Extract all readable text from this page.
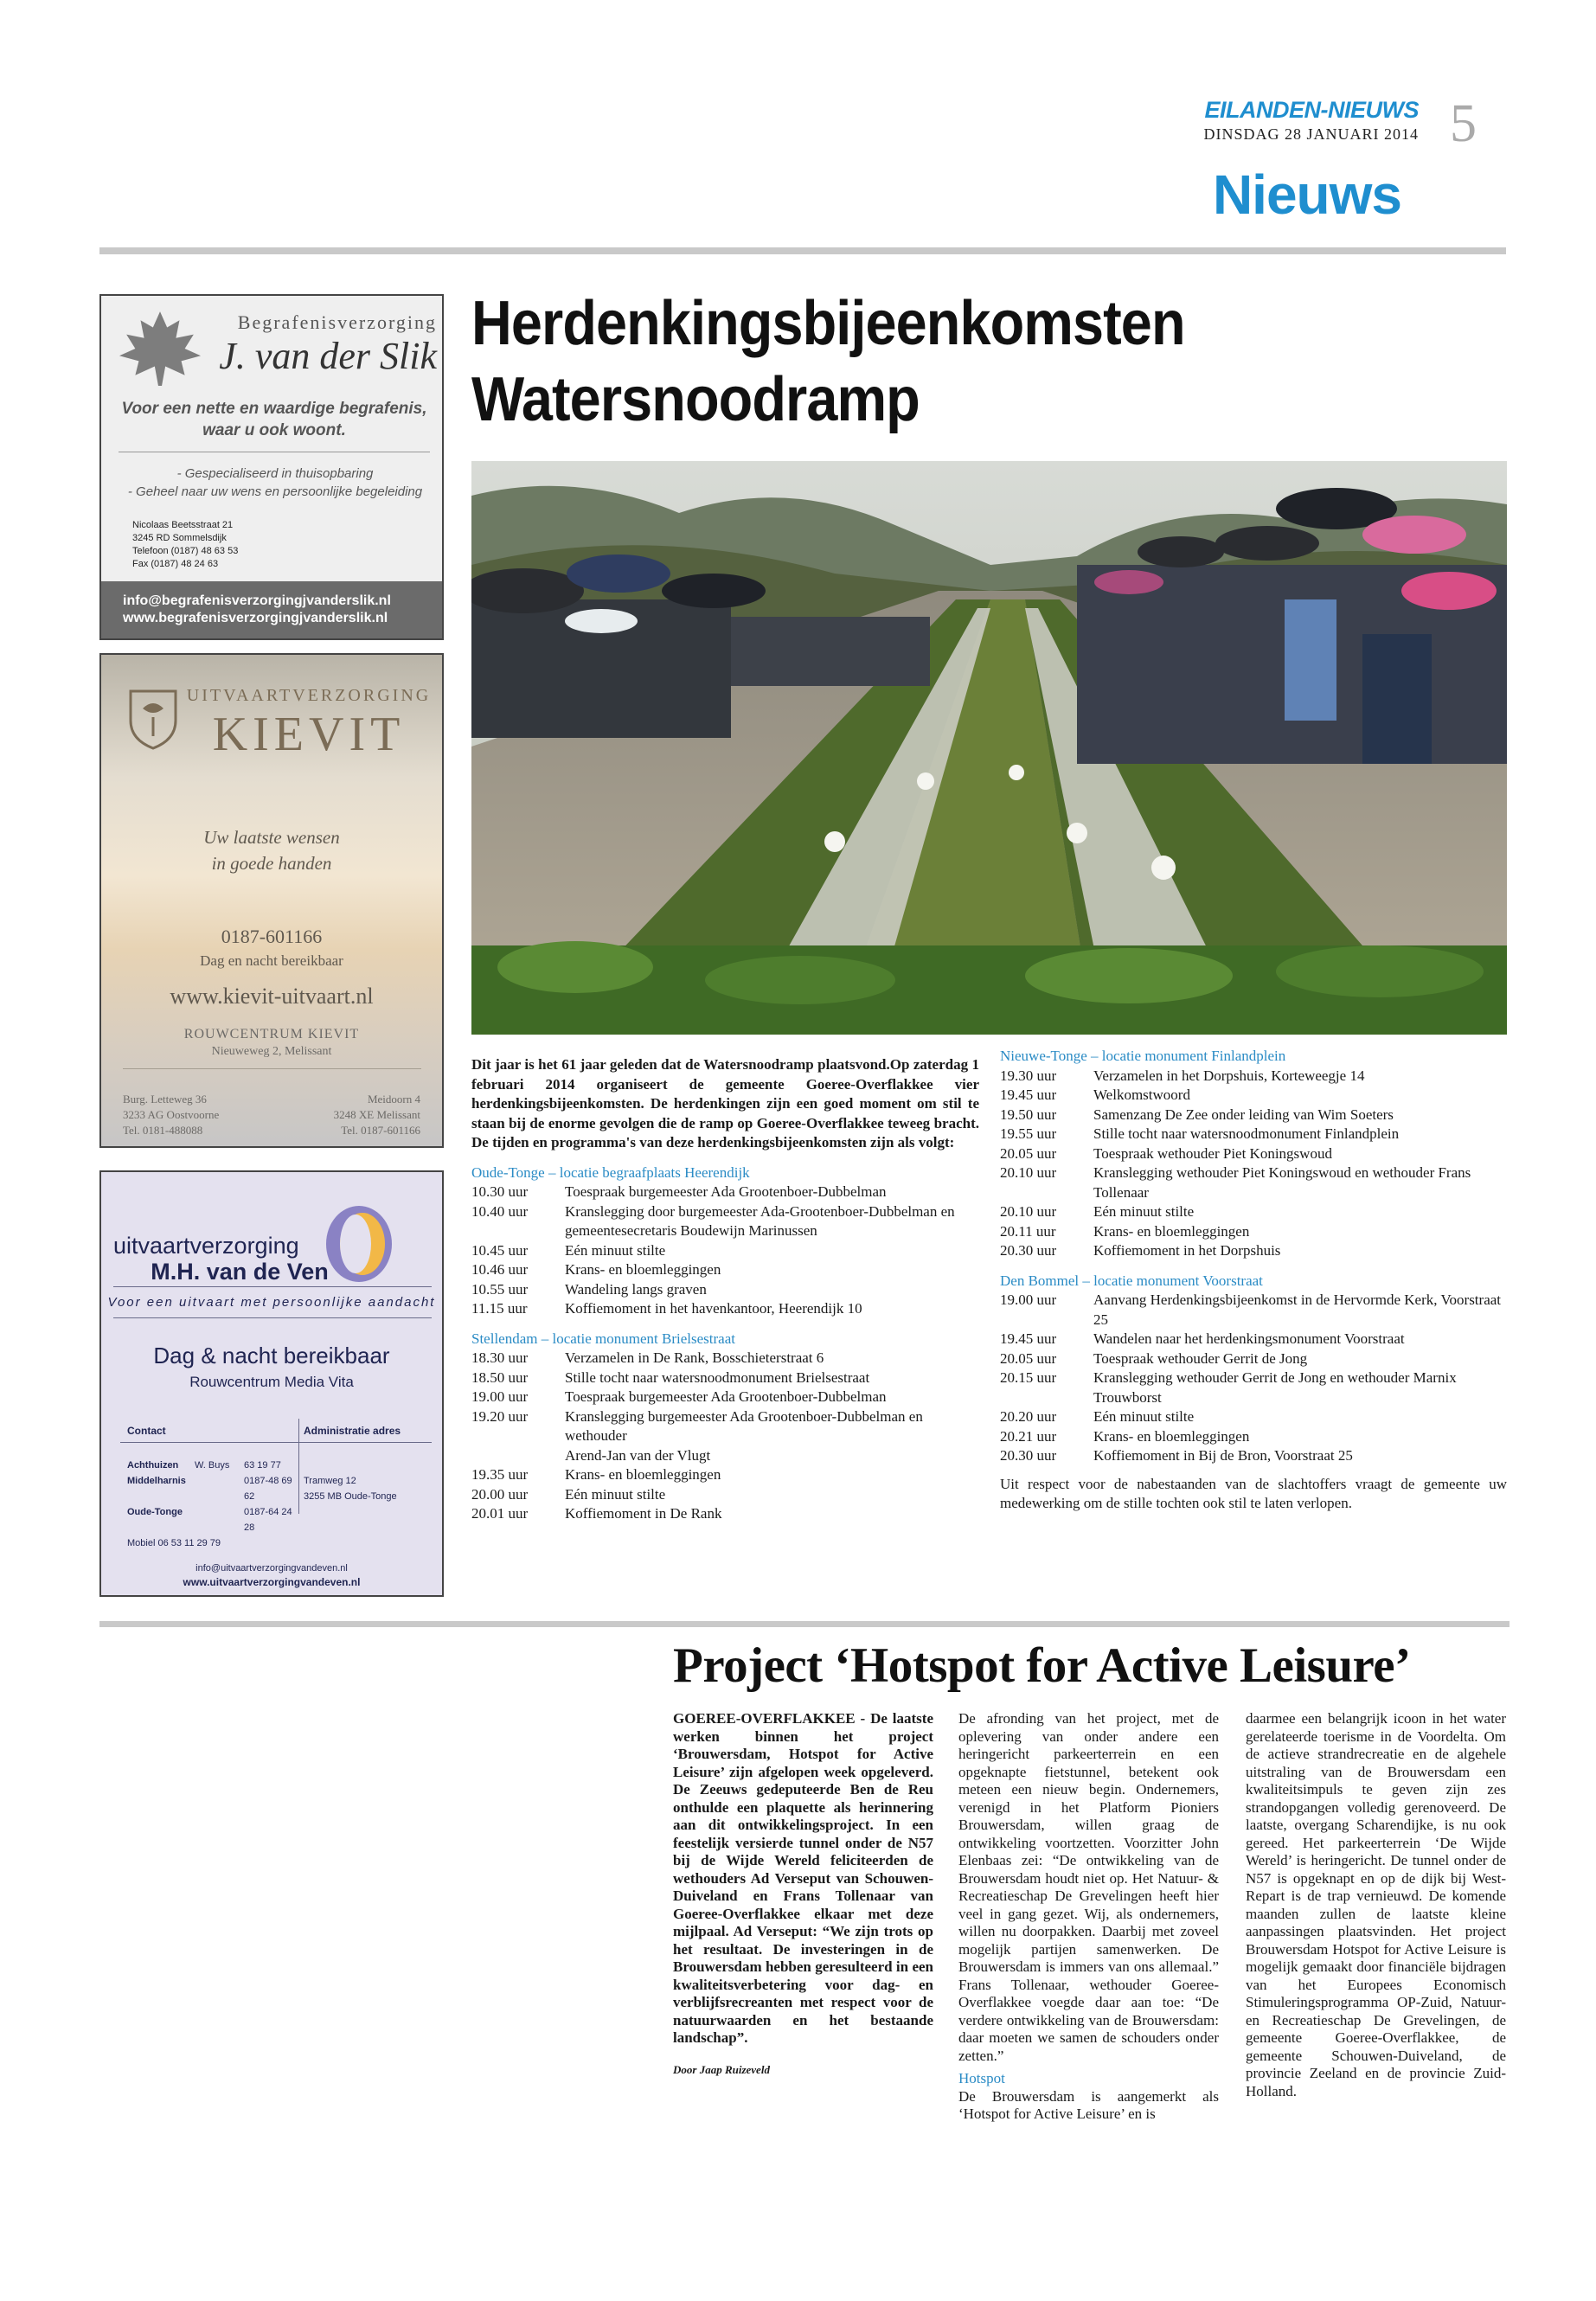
EILANDEN-NIEUWS
DINSDAG 28 JANUARI 2014 5
Nieuws
Begrafenisverzorging
J. van der Slik
Voor een nette en waardige begrafenis,
waar u ook woont.
- Gespecialiseerd in thuisopbaring
- Geheel naar uw wens en persoonlijke begeleiding
Nicolaas Beetsstraat 21
3245 RD Sommelsdijk
Telefoon (0187) 48 63 53
Fax (0187) 48 24 63
info@begrafenisverzorgingjvanderslik.nl
www.begrafenisverzorgingjvanderslik.nl
UITVAARTVERZORGING
KIEVIT
Uw laatste wensen
in goede handen
0187-601166
Dag en nacht bereikbaar
www.kievit-uitvaart.nl
ROUWCENTRUM KIEVIT
Nieuweweg 2, Melissant
Burg. Letteweg 36
3233 AG Oostvoorne
Tel. 0181-488088
Meidoorn 4
3248 XE Melissant
Tel. 0187-601166
uitvaartverzorging
M.H. van de Ven
Voor een uitvaart met persoonlijke aandacht
Dag & nacht bereikbaar
Rouwcentrum Media Vita
Contact	Administratie adres
Achthuizen	W. Buys	63 19 77
Middelharnis	0187-48 69 62
Oude-Tonge	0187-64 24 28
Mobiel 06 53 11 29 79
Tramweg 12
3255 MB Oude-Tonge
info@uitvaartverzorgingvandeven.nl
www.uitvaartverzorgingvandeven.nl
Herdenkingsbijeenkomsten
Watersnoodramp
Dit jaar is het 61 jaar geleden dat de Watersnoodramp plaatsvond.Op zaterdag 1 februari 2014 organiseert de gemeente Goeree-Overflakkee vier herdenkingsbijeenkomsten. De herdenkingen zijn een goed moment om stil te staan bij de enorme gevolgen die de ramp op Goeree-Overflakkee teweeg bracht. De tijden en programma's van deze herdenkingsbijeenkomsten zijn als volgt:
Oude-Tonge – locatie begraafplaats Heerendijk
10.30 uur	Toespraak burgemeester Ada Grootenboer-Dubbelman
10.40 uur	Kranslegging door burgemeester Ada-Grootenboer-Dubbelman en gemeentesecretaris Boudewijn Marinussen
10.45 uur	Eén minuut stilte
10.46 uur	Krans- en bloemleggingen
10.55 uur	Wandeling langs graven
11.15 uur	Koffiemoment in het havenkantoor, Heerendijk 10
Stellendam – locatie monument Brielsestraat
18.30 uur	Verzamelen in De Rank, Bosschieterstraat 6
18.50 uur	Stille tocht naar watersnoodmonument Brielsestraat
19.00 uur	Toespraak burgemeester Ada Grootenboer-Dubbelman
19.20 uur	Kranslegging burgemeester Ada Grootenboer-Dubbelman en wethouder
Arend-Jan van der Vlugt
19.35 uur	Krans- en bloemleggingen
20.00 uur	Eén minuut stilte
20.01 uur	Koffiemoment in De Rank
Nieuwe-Tonge – locatie monument Finlandplein
19.30 uur	Verzamelen in het Dorpshuis, Korteweegje 14
19.45 uur	Welkomstwoord
19.50 uur	Samenzang De Zee onder leiding van Wim Soeters
19.55 uur	Stille tocht naar watersnoodmonument Finlandplein
20.05 uur	Toespraak wethouder Piet Koningswoud
20.10 uur	Kranslegging wethouder Piet Koningswoud en wethouder Frans Tollenaar
20.10 uur	Eén minuut stilte
20.11 uur	Krans- en bloemleggingen
20.30 uur	Koffiemoment in het Dorpshuis
Den Bommel – locatie monument Voorstraat
19.00 uur	Aanvang Herdenkingsbijeenkomst in de Hervormde Kerk, Voorstraat 25
19.45 uur	Wandelen naar het herdenkingsmonument Voorstraat
20.05 uur	Toespraak wethouder Gerrit de Jong
20.15 uur	Kranslegging wethouder Gerrit de Jong en wethouder Marnix Trouwborst
20.20 uur	Eén minuut stilte
20.21 uur	Krans- en bloemleggingen
20.30 uur	Koffiemoment in Bij de Bron, Voorstraat 25
Uit respect voor de nabestaanden van de slachtoffers vraagt de gemeente uw medewerking om de stille tochten ook stil te laten verlopen.
Project ‘Hotspot for Active Leisure’
GOEREE-OVERFLAKKEE - De laatste werken binnen het project ‘Brouwersdam, Hotspot for Active Leisure’ zijn afgelopen week opgeleverd. De Zeeuws gedeputeerde Ben de Reu onthulde een plaquette als herinnering aan dit ontwikkelingsproject. In een feestelijk versierde tunnel onder de N57 bij de Wijde Wereld feliciteerden de wethouders Ad Verseput van Schouwen-Duiveland en Frans Tollenaar van Goeree-Overflakkee elkaar met deze mijlpaal. Ad Verseput: “We zijn trots op het resultaat. De investeringen in de Brouwersdam hebben geresulteerd in een kwaliteitsverbetering voor dag- en verblijfsrecreanten met respect voor de natuurwaarden en het bestaande landschap”.
Door Jaap Ruizeveld
De afronding van het project, met de oplevering van onder andere een heringericht parkeerterrein en een opgeknapte fietstunnel, betekent ook meteen een nieuw begin. Ondernemers, verenigd in het Platform Pioniers Brouwersdam, willen graag de ontwikkeling voortzetten. Voorzitter John Elenbaas zei: “De ontwikkeling van de Brouwersdam houdt niet op. Het Natuur- & Recreatieschap De Grevelingen heeft hier veel in gang gezet. Wij, als ondernemers, willen nu doorpakken. Daarbij met zoveel mogelijk partijen samenwerken. De Brouwersdam is immers van ons allemaal.” Frans Tollenaar, wethouder Goeree-Overflakkee voegde daar aan toe: “De verdere ontwikkeling van de Brouwersdam: daar moeten we samen de schouders onder zetten.”
Hotspot
De Brouwersdam is aangemerkt als ‘Hotspot for Active Leisure’ en is
daarmee een belangrijk icoon in het water gerelateerde toerisme in de Voordelta. Om de actieve strandrecreatie en de algehele uitstraling van de Brouwersdam een kwaliteitsimpuls te geven zijn zes strandopgangen volledig gerenoveerd. De laatste, overgang Scharendijke, is nu ook gereed. Het parkeerterrein ‘De Wijde Wereld’ is heringericht. De tunnel onder de N57 is opgeknapt en op de dijk bij West-Repart is de trap vernieuwd. De komende maanden zullen de laatste kleine aanpassingen plaatsvinden. Het project Brouwersdam Hotspot for Active Leisure is mogelijk gemaakt door financiële bijdragen van het Europees Economisch Stimuleringsprogramma OP-Zuid, Natuur- en Recreatieschap De Grevelingen, de gemeente Goeree-Overflakkee, de gemeente Schouwen-Duiveland, de provincie Zeeland en de provincie Zuid-Holland.
